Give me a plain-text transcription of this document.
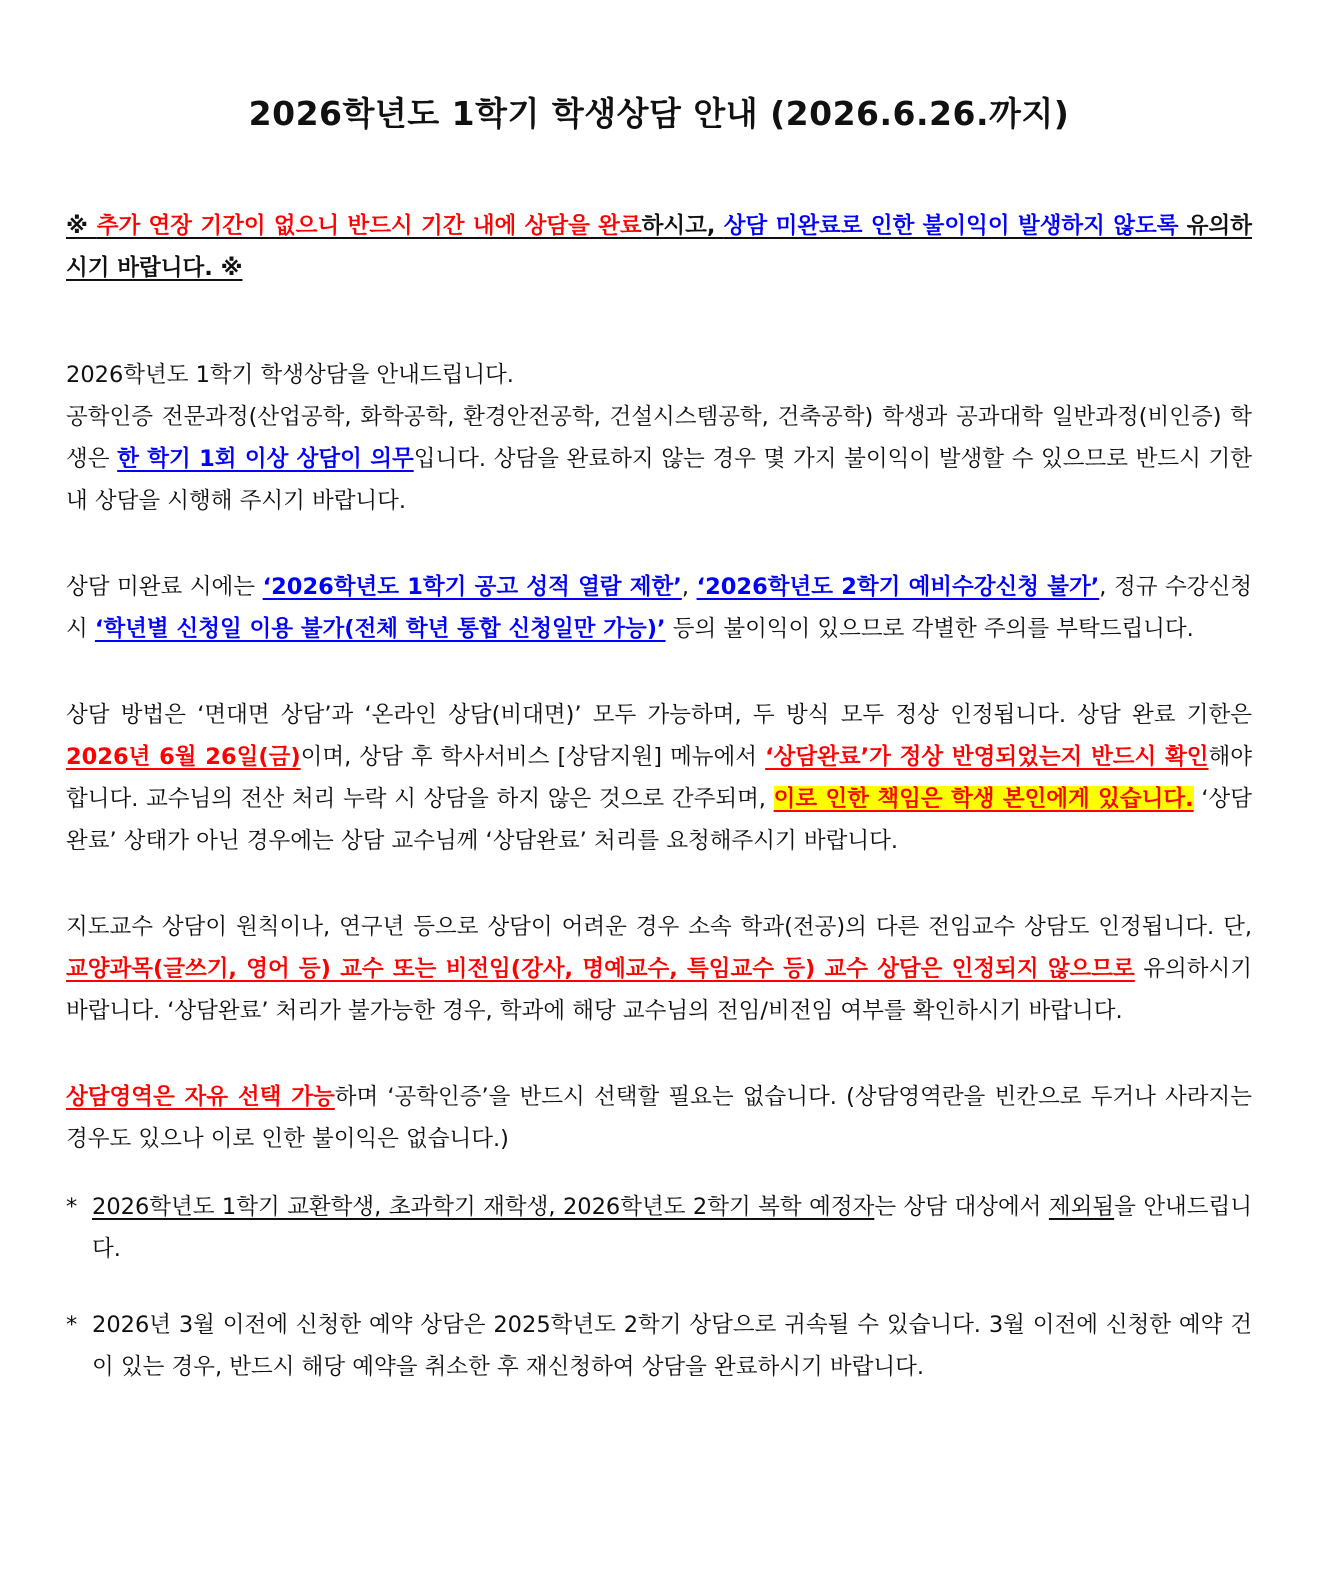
2026학년도 1학기 학생상담 안내 (2026.6.26.까지)

※ 추가 연장 기간이 없으니 반드시 기간 내에 상담을 완료하시고, 상담 미완료로 인한 불이익이 발생하지 않도록 유의하시기 바랍니다. ※

2026학년도 1학기 학생상담을 안내드립니다.

공학인증 전문과정(산업공학, 화학공학, 환경안전공학, 건설시스템공학, 건축공학) 학생과 공과대학 일반과정(비인증) 학생은 한 학기 1회 이상 상담이 의무입니다. 상담을 완료하지 않는 경우 몇 가지 불이익이 발생할 수 있으므로 반드시 기한 내 상담을 시행해 주시기 바랍니다.

상담 미완료 시에는 ‘2026학년도 1학기 공고 성적 열람 제한’, ‘2026학년도 2학기 예비수강신청 불가’, 정규 수강신청 시 ‘학년별 신청일 이용 불가(전체 학년 통합 신청일만 가능)’ 등의 불이익이 있으므로 각별한 주의를 부탁드립니다.

상담 방법은 ‘면대면 상담’과 ‘온라인 상담(비대면)’ 모두 가능하며, 두 방식 모두 정상 인정됩니다. 상담 완료 기한은 2026년 6월 26일(금)이며, 상담 후 학사서비스 [상담지원] 메뉴에서 ‘상담완료’가 정상 반영되었는지 반드시 확인해야 합니다. 교수님의 전산 처리 누락 시 상담을 하지 않은 것으로 간주되며, 이로 인한 책임은 학생 본인에게 있습니다. ‘상담완료’ 상태가 아닌 경우에는 상담 교수님께 ‘상담완료’ 처리를 요청해주시기 바랍니다.

지도교수 상담이 원칙이나, 연구년 등으로 상담이 어려운 경우 소속 학과(전공)의 다른 전임교수 상담도 인정됩니다. 단, 교양과목(글쓰기, 영어 등) 교수 또는 비전임(강사, 명예교수, 특임교수 등) 교수 상담은 인정되지 않으므로 유의하시기 바랍니다. ‘상담완료’ 처리가 불가능한 경우, 학과에 해당 교수님의 전임/비전임 여부를 확인하시기 바랍니다.

상담영역은 자유 선택 가능하며 ‘공학인증’을 반드시 선택할 필요는 없습니다. (상담영역란을 빈칸으로 두거나 사라지는 경우도 있으나 이로 인한 불이익은 없습니다.)

* 2026학년도 1학기 교환학생, 초과학기 재학생, 2026학년도 2학기 복학 예정자는 상담 대상에서 제외됨을 안내드립니다.
* 2026년 3월 이전에 신청한 예약 상담은 2025학년도 2학기 상담으로 귀속될 수 있습니다. 3월 이전에 신청한 예약 건이 있는 경우, 반드시 해당 예약을 취소한 후 재신청하여 상담을 완료하시기 바랍니다.
